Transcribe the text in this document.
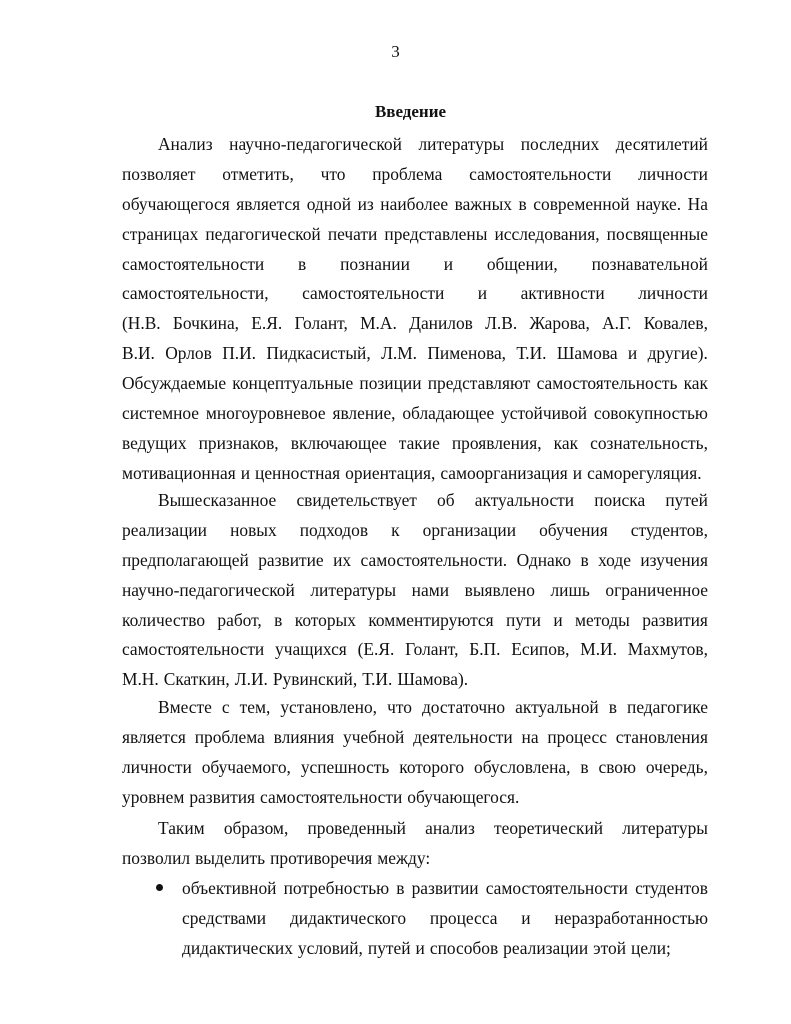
3
Введение
Анализ научно-педагогической литературы последних десятилетий
позволяет отметить, что проблема самостоятельности личности
обучающегося является одной из наиболее важных в современной науке. На
страницах педагогической печати представлены исследования, посвященные
самостоятельности в познании и общении, познавательной
самостоятельности, самостоятельности и активности личности
(Н.В. Бочкина, Е.Я. Голант, М.А. Данилов Л.В. Жарова, А.Г. Ковалев,
В.И. Орлов П.И. Пидкасистый, Л.М. Пименова, Т.И. Шамова и другие).
Обсуждаемые концептуальные позиции представляют самостоятельность как
системное многоуровневое явление, обладающее устойчивой совокупностью
ведущих признаков, включающее такие проявления, как сознательность,
мотивационная и ценностная ориентация, самоорганизация и саморегуляция.
Вышесказанное свидетельствует об актуальности поиска путей
реализации новых подходов к организации обучения студентов,
предполагающей развитие их самостоятельности. Однако в ходе изучения
научно-педагогической литературы нами выявлено лишь ограниченное
количество работ, в которых комментируются пути и методы развития
самостоятельности учащихся (Е.Я. Голант, Б.П. Есипов, М.И. Махмутов,
М.Н. Скаткин, Л.И. Рувинский, Т.И. Шамова).
Вместе с тем, установлено, что достаточно актуальной в педагогике
является проблема влияния учебной деятельности на процесс становления
личности обучаемого, успешность которого обусловлена, в свою очередь,
уровнем развития самостоятельности обучающегося.
Таким образом, проведенный анализ теоретический литературы
позволил выделить противоречия между:
объективной потребностью в развитии самостоятельности студентов
средствами дидактического процесса и неразработанностью
дидактических условий, путей и способов реализации этой цели;
